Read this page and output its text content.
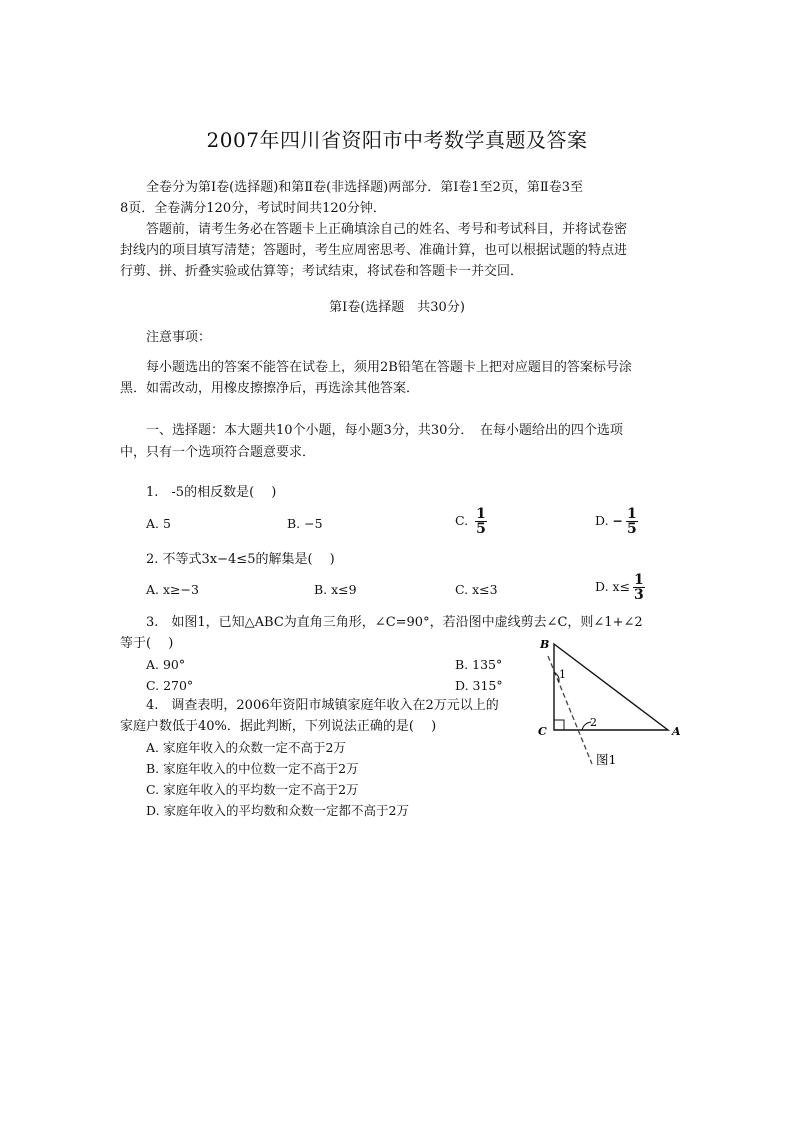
2007年四川省资阳市中考数学真题及答案
全卷分为第Ⅰ卷(选择题)和第Ⅱ卷(非选择题)两部分．第Ⅰ卷1至2页，第Ⅱ卷3至
8页．全卷满分120分，考试时间共120分钟．
答题前，请考生务必在答题卡上正确填涂自己的姓名、考号和考试科目，并将试卷密
封线内的项目填写清楚；答题时，考生应周密思考、准确计算，也可以根据试题的特点进
行剪、拼、折叠实验或估算等；考试结束，将试卷和答题卡一并交回．
第Ⅰ卷(选择题　共30分)
注意事项：
每小题选出的答案不能答在试卷上，须用2B铅笔在答题卡上把对应题目的答案标号涂
黑．如需改动，用橡皮擦擦净后，再选涂其他答案．
一、选择题：本大题共10个小题，每小题3分，共30分．　在每小题给出的四个选项
中，只有一个选项符合题意要求．
1.　-5的相反数是(　 )
A. 5	B. −5	C. $\frac{1}{5}$	D. − $\frac{1}{5}$
2. 不等式3x−4≤5的解集是(　 )
A. x≥−3	B. x≤9	C. x≤3	D. $x\le \frac{1}{3}$
3.　如图1，已知△ABC为直角三角形，∠C=90°，若沿图中虚线剪去∠C，则∠1+∠2
等于(　 )
A. 90°	B. 135°
C. 270°	D. 315°
4.　调查表明，2006年资阳市城镇家庭年收入在2万元以上的
家庭户数低于40%．据此判断，下列说法正确的是(　 )
A. 家庭年收入的众数一定不高于2万
B. 家庭年收入的中位数一定不高于2万
C. 家庭年收入的平均数一定不高于2万
D. 家庭年收入的平均数和众数一定都不高于2万
B
C	A
1
2
图1
